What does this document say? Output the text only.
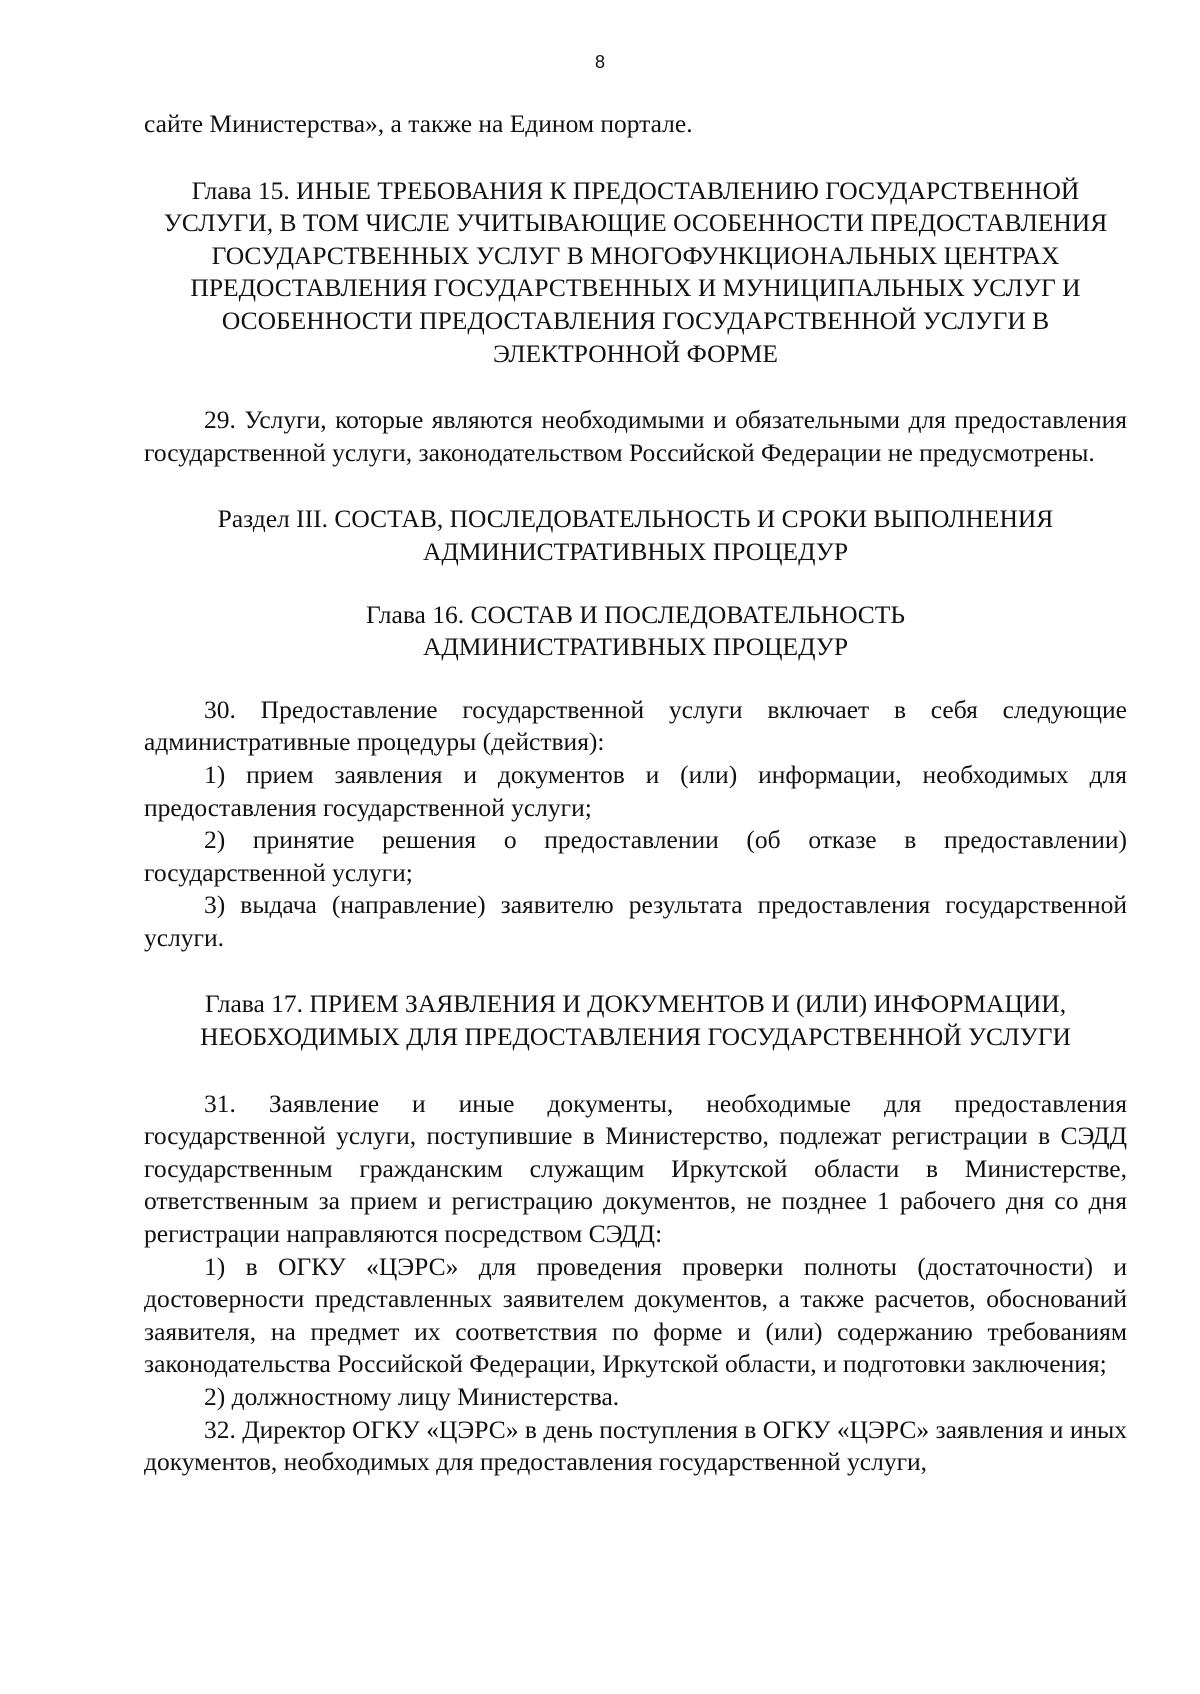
8

сайте Министерства», а также на Едином портале.

Глава 15. ИНЫЕ ТРЕБОВАНИЯ К ПРЕДОСТАВЛЕНИЮ ГОСУДАРСТВЕННОЙ УСЛУГИ, В ТОМ ЧИСЛЕ УЧИТЫВАЮЩИЕ ОСОБЕННОСТИ ПРЕДОСТАВЛЕНИЯ ГОСУДАРСТВЕННЫХ УСЛУГ В МНОГОФУНКЦИОНАЛЬНЫХ ЦЕНТРАХ ПРЕДОСТАВЛЕНИЯ ГОСУДАРСТВЕННЫХ И МУНИЦИПАЛЬНЫХ УСЛУГ И ОСОБЕННОСТИ ПРЕДОСТАВЛЕНИЯ ГОСУДАРСТВЕННОЙ УСЛУГИ В ЭЛЕКТРОННОЙ ФОРМЕ

29. Услуги, которые являются необходимыми и обязательными для предоставления государственной услуги, законодательством Российской Федерации не предусмотрены.

Раздел III. СОСТАВ, ПОСЛЕДОВАТЕЛЬНОСТЬ И СРОКИ ВЫПОЛНЕНИЯ АДМИНИСТРАТИВНЫХ ПРОЦЕДУР
Глава 16. СОСТАВ И ПОСЛЕДОВАТЕЛЬНОСТЬ АДМИНИСТРАТИВНЫХ ПРОЦЕДУР

30. Предоставление государственной услуги включает в себя следующие административные процедуры (действия):

1) прием заявления и документов и (или) информации, необходимых для предоставления государственной услуги;

2) принятие решения о предоставлении (об отказе в предоставлении) государственной услуги;

3) выдача (направление) заявителю результата предоставления государственной услуги.

Глава 17. ПРИЕМ ЗАЯВЛЕНИЯ И ДОКУМЕНТОВ И (ИЛИ) ИНФОРМАЦИИ, НЕОБХОДИМЫХ ДЛЯ ПРЕДОСТАВЛЕНИЯ ГОСУДАРСТВЕННОЙ УСЛУГИ

31. Заявление и иные документы, необходимые для предоставления государственной услуги, поступившие в Министерство, подлежат регистрации в СЭДД государственным гражданским служащим Иркутской области в Министерстве, ответственным за прием и регистрацию документов, не позднее 1 рабочего дня со дня регистрации направляются посредством СЭДД:

1) в ОГКУ «ЦЭРС» для проведения проверки полноты (достаточности) и достоверности представленных заявителем документов, а также расчетов, обоснований заявителя, на предмет их соответствия по форме и (или) содержанию требованиям законодательства Российской Федерации, Иркутской области, и подготовки заключения;

2) должностному лицу Министерства.

32. Директор ОГКУ «ЦЭРС» в день поступления в ОГКУ «ЦЭРС» заявления и иных документов, необходимых для предоставления государственной услуги,
